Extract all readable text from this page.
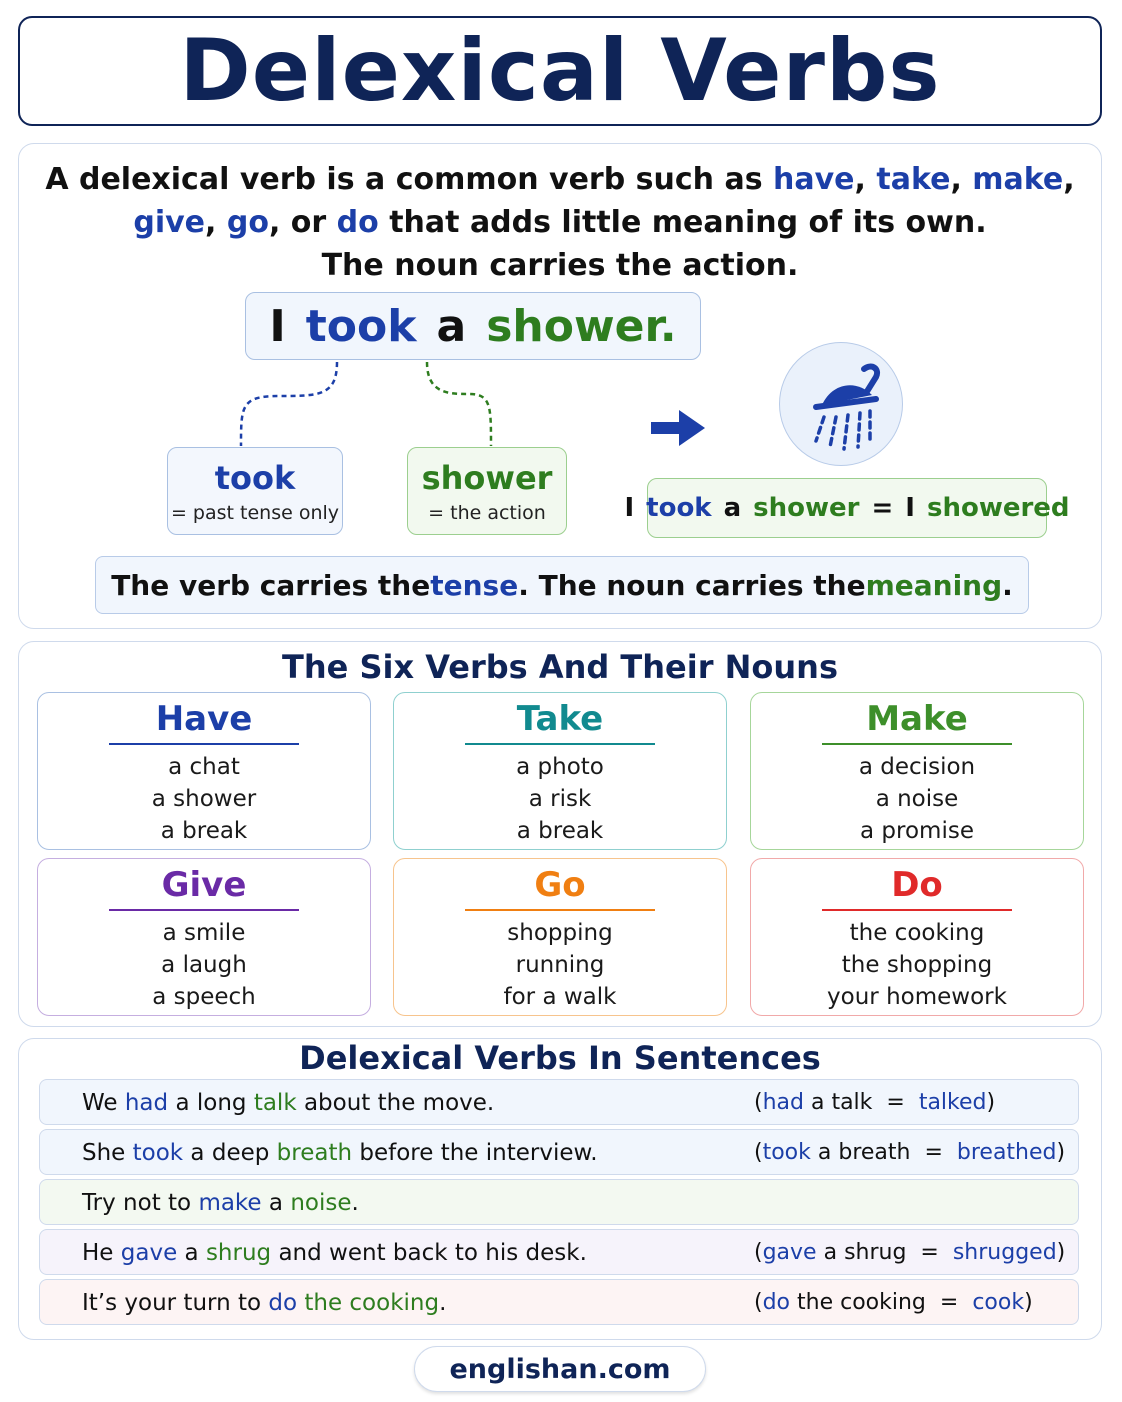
Delexical Verbs
A delexical verb is a common verb such as have, take, make,
give, go, or do that adds little meaning of its own.
The noun carries the action.
I took a shower.
took
= past tense only
shower
= the action	I took a shower = I showered
The verb carries the tense . The noun carries the meaning .
The Six Verbs And Their Nouns
Have
a chat
a shower
a break
Take
a photo
a risk
a break
Make
a decision
a noise
a promise
Give
a smile
a laugh
a speech
Go
shopping
running
for a walk
Do
the cooking
the shopping
your homework
Delexical Verbs In Sentences
We had a long talk about the move.	(had a talk  =  talked)
She took a deep breath before the interview.	(took a breath  =  breathed)
Try not to make a noise.
He gave a shrug and went back to his desk.	(gave a shrug  =  shrugged)
It’s your turn to do the cooking.	(do the cooking  =  cook)
englishan.com
